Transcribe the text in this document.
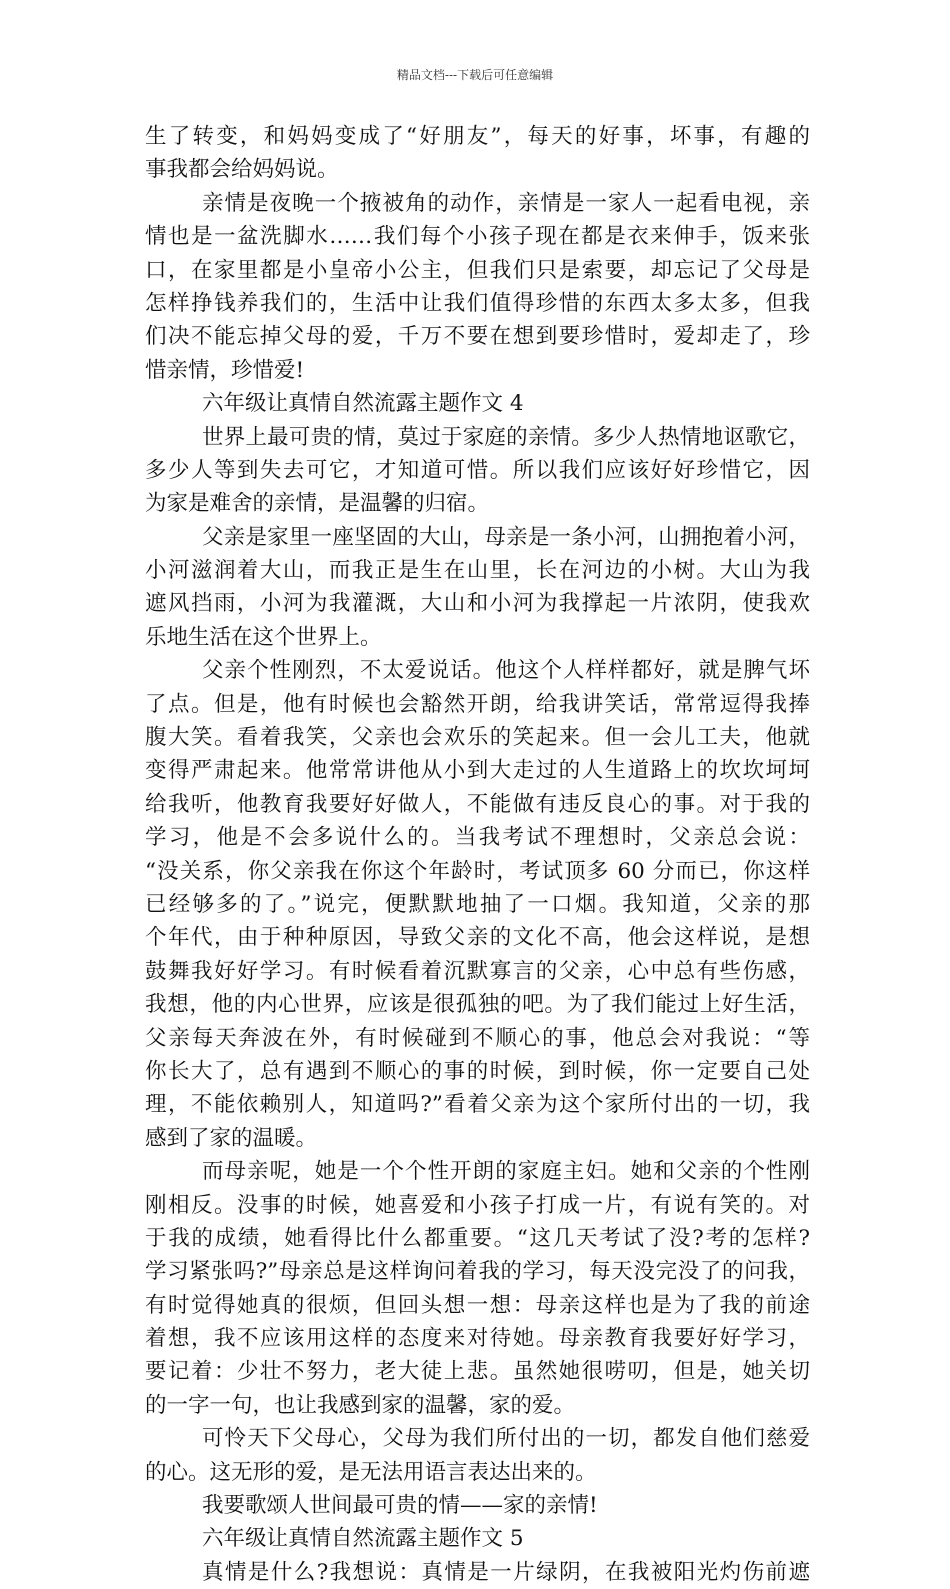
精品文档---下载后可任意编辑
生了转变，和妈妈变成了“好朋友”，每天的好事，坏事，有趣的
事我都会给妈妈说。
亲情是夜晚一个掖被角的动作，亲情是一家人一起看电视，亲
情也是一盆洗脚水……我们每个小孩子现在都是衣来伸手，饭来张
口，在家里都是小皇帝小公主，但我们只是索要，却忘记了父母是
怎样挣钱养我们的，生活中让我们值得珍惜的东西太多太多，但我
们决不能忘掉父母的爱，千万不要在想到要珍惜时，爱却走了，珍
惜亲情，珍惜爱!
六年级让真情自然流露主题作文 4
世界上最可贵的情，莫过于家庭的亲情。多少人热情地讴歌它，
多少人等到失去可它，才知道可惜。所以我们应该好好珍惜它，因
为家是难舍的亲情，是温馨的归宿。
父亲是家里一座坚固的大山，母亲是一条小河，山拥抱着小河，
小河滋润着大山，而我正是生在山里，长在河边的小树。大山为我
遮风挡雨，小河为我灌溉，大山和小河为我撑起一片浓阴，使我欢
乐地生活在这个世界上。
父亲个性刚烈，不太爱说话。他这个人样样都好，就是脾气坏
了点。但是，他有时候也会豁然开朗，给我讲笑话，常常逗得我捧
腹大笑。看着我笑，父亲也会欢乐的笑起来。但一会儿工夫，他就
变得严肃起来。他常常讲他从小到大走过的人生道路上的坎坎坷坷
给我听，他教育我要好好做人，不能做有违反良心的事。对于我的
学习，他是不会多说什么的。当我考试不理想时，父亲总会说：
“没关系，你父亲我在你这个年龄时，考试顶多 60 分而已，你这样
已经够多的了。”说完，便默默地抽了一口烟。我知道，父亲的那
个年代，由于种种原因，导致父亲的文化不高，他会这样说，是想
鼓舞我好好学习。有时候看着沉默寡言的父亲，心中总有些伤感，
我想，他的内心世界，应该是很孤独的吧。为了我们能过上好生活，
父亲每天奔波在外，有时候碰到不顺心的事，他总会对我说：“等
你长大了，总有遇到不顺心的事的时候，到时候，你一定要自己处
理，不能依赖别人，知道吗?”看着父亲为这个家所付出的一切，我
感到了家的温暖。
而母亲呢，她是一个个性开朗的家庭主妇。她和父亲的个性刚
刚相反。没事的时候，她喜爱和小孩子打成一片，有说有笑的。对
于我的成绩，她看得比什么都重要。“这几天考试了没?考的怎样?
学习紧张吗?”母亲总是这样询问着我的学习，每天没完没了的问我，
有时觉得她真的很烦，但回头想一想：母亲这样也是为了我的前途
着想，我不应该用这样的态度来对待她。母亲教育我要好好学习，
要记着：少壮不努力，老大徒上悲。虽然她很唠叨，但是，她关切
的一字一句，也让我感到家的温馨，家的爱。
可怜天下父母心，父母为我们所付出的一切，都发自他们慈爱
的心。这无形的爱，是无法用语言表达出来的。
我要歌颂人世间最可贵的情——家的亲情!
六年级让真情自然流露主题作文 5
真情是什么?我想说：真情是一片绿阴，在我被阳光灼伤前遮
